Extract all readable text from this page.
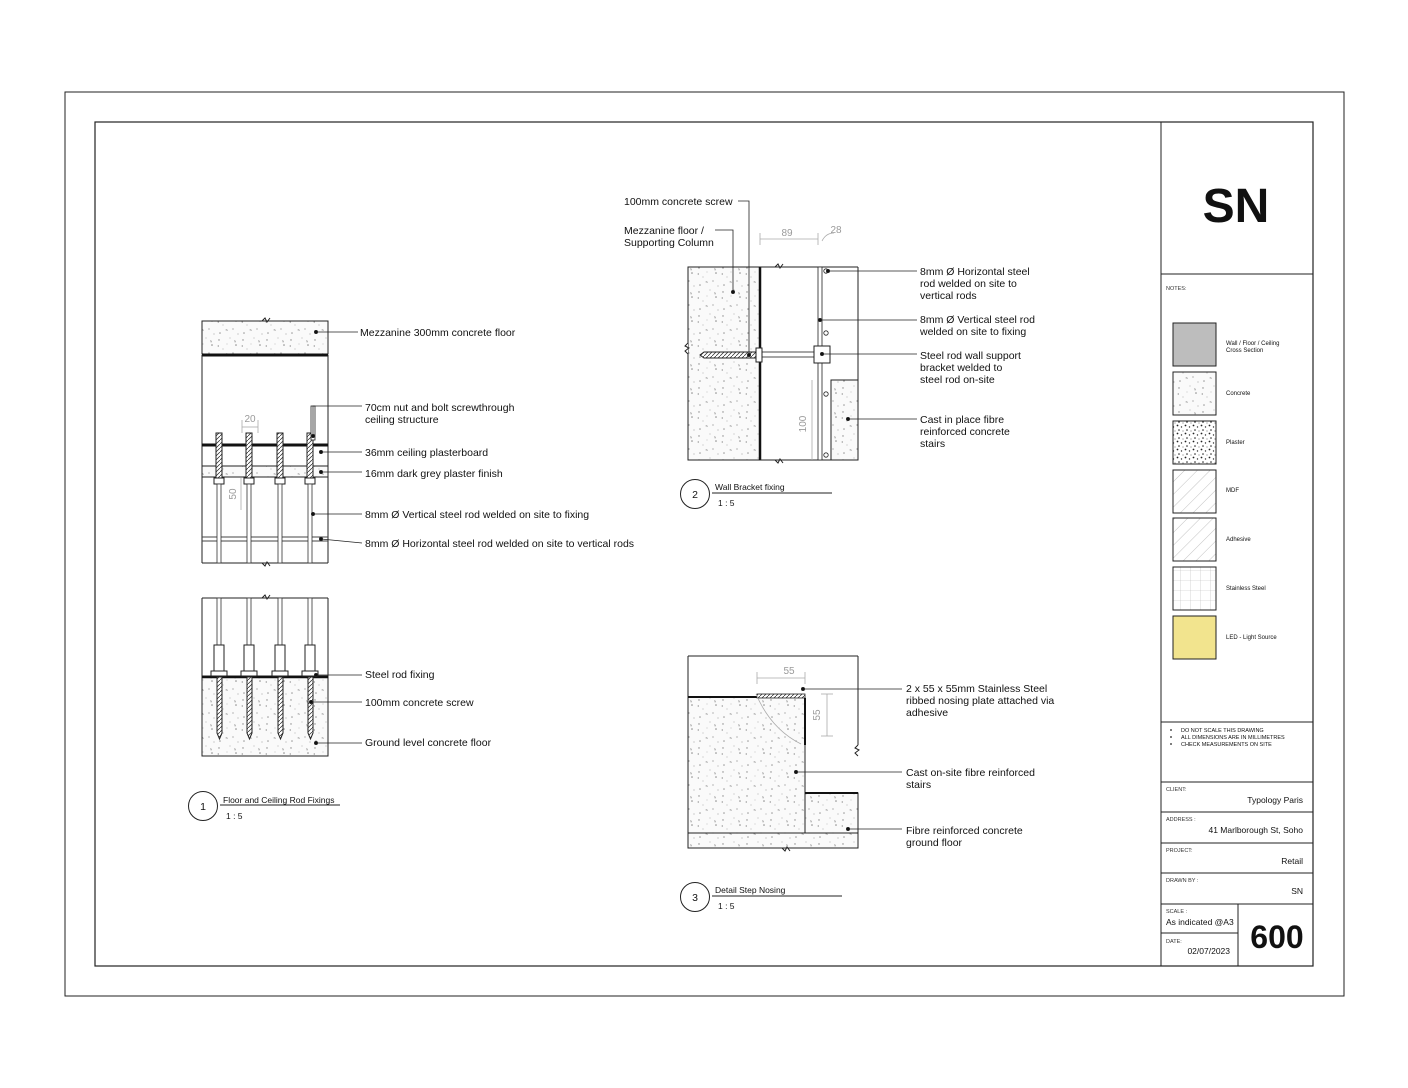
SN
NOTES:
Wall / Floor / Ceiling
Cross Section
Concrete
Plaster
MDF
Adhesive
Stainless Steel
LED - Light Source
DO NOT SCALE THIS DRAWING
ALL DIMENSIONS ARE IN MILLIMETRES
CHECK MEASUREMENTS ON SITE
CLIENT:
Typology Paris
ADDRESS :
41 Marlborough St, Soho
PROJECT:
Retail
DRAWN BY :
SN
SCALE :
As indicated @A3
DATE:
02/07/2023 600
20
50
Mezzanine 300mm concrete floor
70cm nut and bolt screwthrough
ceiling structure
36mm ceiling plasterboard
16mm dark grey plaster finish
8mm Ø Vertical steel rod welded on site to fixing
8mm Ø Horizontal steel rod welded on site to vertical rods
Steel rod fixing
100mm concrete screw
Ground level concrete floor
1
Floor and Ceiling Rod Fixings
1 : 5
89	28
100
100mm concrete screw
Mezzanine floor /
Supporting Column
8mm Ø Horizontal steel
rod welded on site to
vertical rods
8mm Ø Vertical steel rod
welded on site to fixing
Steel rod wall support
bracket welded to
steel rod on-site
Cast in place fibre
reinforced concrete
stairs
2
Wall Bracket fixing
1 : 5
55
55
2 x 55 x 55mm Stainless Steel
ribbed nosing plate attached via
adhesive
Cast on-site fibre reinforced
stairs
Fibre reinforced concrete
ground floor
3
Detail Step Nosing
1 : 5
